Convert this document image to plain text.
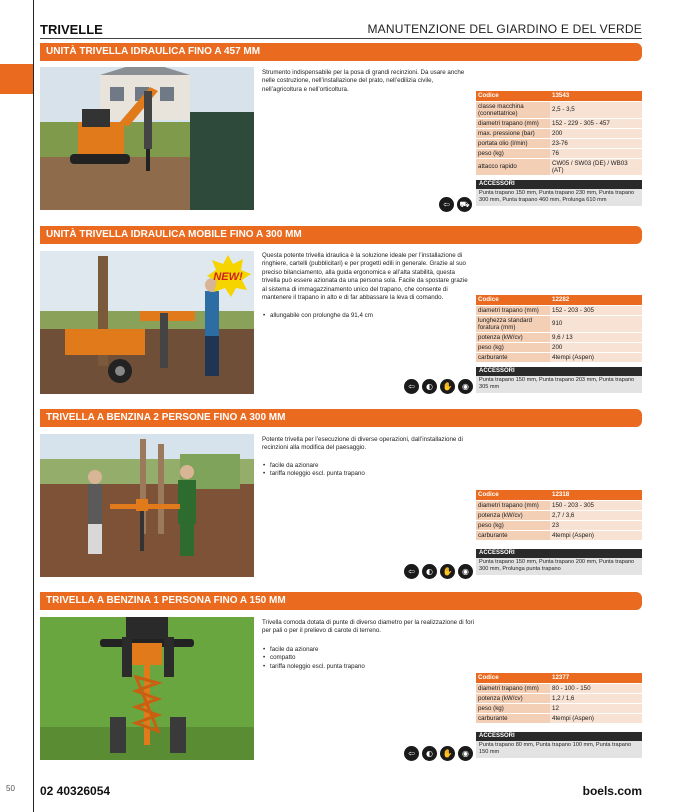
TRIVELLE	MANUTENZIONE DEL GIARDINO E DEL VERDE
UNITÀ TRIVELLA IDRAULICA FINO A 457 MM
Strumento indispensabile per la posa di grandi recinzioni. Da usare anche nelle costruzione, nell’installazione del prato, nell’edilizia civile, nell’agricoltura e nell’orticoltura.
Codice	13543
classe macchina (connettatrice)	2,5 - 3,5
diametri trapano (mm)	152 - 229 - 305 - 457
max. pressione (bar)	200
portata olio (l/min)	23-76
peso (kg)	76
attacco rapido	CW05 / SW03 (DE) / WB03 (AT)
ACCESSORI
Punta trapano 150 mm, Punta trapano 230 mm, Punta trapano 300 mm, Punta trapano 460 mm, Prolunga 610 mm
⇦	⛟
UNITÀ TRIVELLA IDRAULICA MOBILE FINO A 300 MM
NEW!
Questa potente trivella idraulica è la soluzione ideale per l’installazione di ringhiere, cartelli (pubblicitari) e per progetti edili in generale. Grazie al suo preciso bilanciamento, alla guida ergonomica e all’alta stabilità, questa trivella può essere azionata da una persona sola. Facile da spostare grazie al sistema di immagazzinamento unico del trapano, che consente di mantenere il trapano in alto e di far abbassare la leva di comando.
• allungabile con prolunghe da 91,4 cm
Codice	12282
diametri trapano (mm)	152 - 203 - 305
lunghezza standard foratura (mm)	910
potenza (kW/cv)	9,6 / 13
peso (kg)	200
carburante	4tempi (Aspen)
ACCESSORI
Punta trapano 150 mm, Punta trapano 203 mm, Punta trapano 305 mm
⇦	◐	✋	◉
TRIVELLA A BENZINA 2 PERSONE FINO A 300 MM
Potente trivella per l’esecuzione di diverse operazioni, dall’installazione di recinzioni alla modifica del paesaggio.
• facile da azionare
• tariffa noleggio escl. punta trapano
Codice	12318
diametri trapano (mm)	150 - 203 - 305
potenza (kW/cv)	2,7 / 3,6
peso (kg)	23
carburante	4tempi (Aspen)
ACCESSORI
Punta trapano 150 mm, Punta trapano 200 mm, Punta trapano 300 mm, Prolunga punta trapano
⇦	◐	✋	◉
TRIVELLA A BENZINA 1 PERSONA FINO A 150 MM
Trivella comoda dotata di punte di diverso diametro per la realizzazione di fori per pali o per il prelievo di carote di terreno.
• facile da azionare
• compatto
• tariffa noleggio escl. punta trapano
Codice	12377
diametri trapano (mm)	80 - 100 - 150
potenza (kW/cv)	1,2 / 1,6
peso (kg)	12
carburante	4tempi (Aspen)
ACCESSORI
Punta trapano 80 mm, Punta trapano 100 mm, Punta trapano 150 mm
⇦	◐	✋	◉
50 02 40326054	boels.com
